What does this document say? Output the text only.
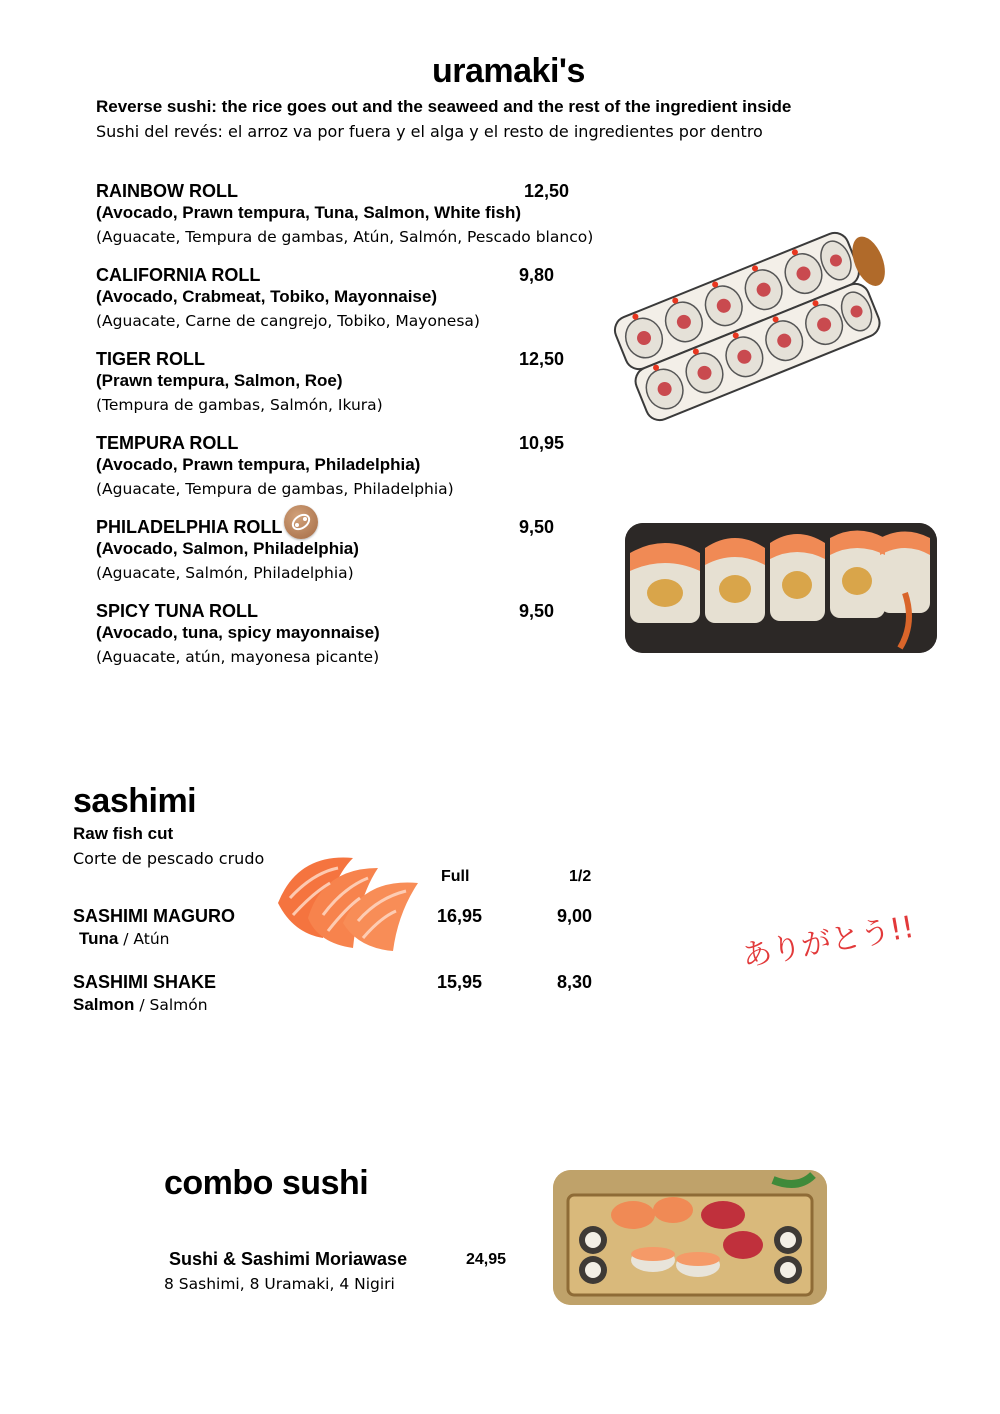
uramaki's
Reverse sushi: the rice goes out and the seaweed and the rest of the ingredient inside
Sushi del revés: el arroz va por fuera y el alga y el resto de ingredientes por dentro
RAINBOW ROLL	12,50
(Avocado, Prawn tempura, Tuna, Salmon, White fish)
(Aguacate, Tempura de gambas, Atún, Salmón, Pescado blanco)
CALIFORNIA ROLL	9,80
(Avocado, Crabmeat, Tobiko, Mayonnaise)
(Aguacate, Carne de cangrejo, Tobiko, Mayonesa)
TIGER ROLL	12,50
(Prawn tempura, Salmon, Roe)
(Tempura de gambas, Salmón, Ikura)
TEMPURA ROLL	10,95
(Avocado, Prawn tempura, Philadelphia)
(Aguacate, Tempura de gambas, Philadelphia)
PHILADELPHIA ROLL	9,50
(Avocado, Salmon, Philadelphia)
(Aguacate, Salmón, Philadelphia)
SPICY TUNA ROLL	9,50
(Avocado, tuna, spicy mayonnaise)
(Aguacate, atún, mayonesa picante)
sashimi
Raw fish cut
Corte de pescado crudo
Full	1/2
SASHIMI MAGURO
Tuna / Atún
16,95	9,00
SASHIMI SHAKE
Salmon / Salmón
15,95	8,30
ありがとう!!
combo sushi
Sushi & Sashimi Moriawase	24,95
8 Sashimi, 8 Uramaki, 4 Nigiri
